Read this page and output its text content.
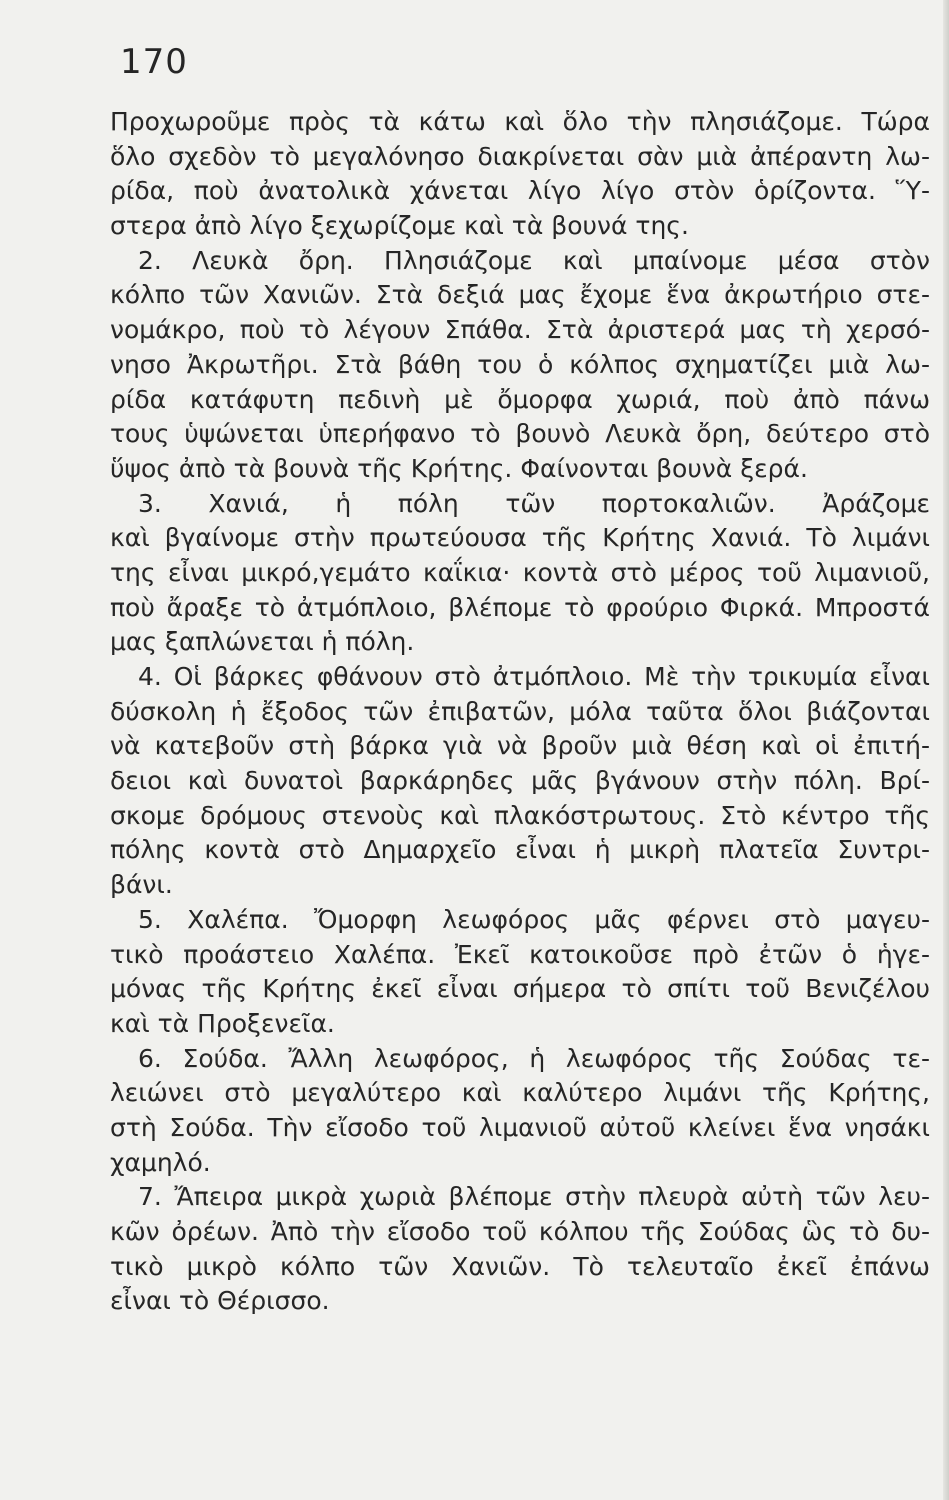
170
Προχωροῦμε πρὸς τὰ κάτω καὶ ὅλο τὴν πλησιάζομε. Τώρα
ὅλο σχεδὸν τὸ μεγαλόνησο διακρίνεται σὰν μιὰ ἀπέραντη λω-
ρίδα, ποὺ ἀνατολικὰ χάνεται λίγο λίγο στὸν ὁρίζοντα. Ὕ-
στερα ἀπὸ λίγο ξεχωρίζομε καὶ τὰ βουνά της.
2. Λευκὰ ὄρη. Πλησιάζομε καὶ μπαίνομε μέσα στὸν
κόλπο τῶν Χανιῶν. Στὰ δεξιά μας ἔχομε ἕνα ἀκρωτήριο στε-
νομάκρο, ποὺ τὸ λέγουν Σπάθα. Στὰ ἀριστερά μας τὴ χερσό-
νησο Ἀκρωτῆρι. Στὰ βάθη του ὁ κόλπος σχηματίζει μιὰ λω-
ρίδα κατάφυτη πεδινὴ μὲ ὄμορφα χωριά, ποὺ ἀπὸ πάνω
τους ὑψώνεται ὑπερήφανο τὸ βουνὸ Λευκὰ ὄρη, δεύτερο στὸ
ὕψος ἀπὸ τὰ βουνὰ τῆς Κρήτης. Φαίνονται βουνὰ ξερά.
3. Χανιά, ἡ πόλη τῶν πορτοκαλιῶν. Ἀράζομε
καὶ βγαίνομε στὴν πρωτεύουσα τῆς Κρήτης Χανιά. Τὸ λιμάνι
της εἶναι μικρό,γεμάτο καΐκια· κοντὰ στὸ μέρος τοῦ λιμανιοῦ,
ποὺ ἄραξε τὸ ἀτμόπλοιο, βλέπομε τὸ φρούριο Φιρκά. Μπροστά
μας ξαπλώνεται ἡ πόλη.
4. Οἱ βάρκες φθάνουν στὸ ἀτμόπλοιο. Μὲ τὴν τρικυμία εἶναι
δύσκολη ἡ ἔξοδος τῶν ἐπιβατῶν, μόλα ταῦτα ὅλοι βιάζονται
νὰ κατεβοῦν στὴ βάρκα γιὰ νὰ βροῦν μιὰ θέση καὶ οἱ ἐπιτή-
δειοι καὶ δυνατοὶ βαρκάρηδες μᾶς βγάνουν στὴν πόλη. Βρί-
σκομε δρόμους στενοὺς καὶ πλακόστρωτους. Στὸ κέντρο τῆς
πόλης κοντὰ στὸ Δημαρχεῖο εἶναι ἡ μικρὴ πλατεῖα Συντρι-
βάνι.
5. Χαλέπα. Ὄμορφη λεωφόρος μᾶς φέρνει στὸ μαγευ-
τικὸ προάστειο Χαλέπα. Ἐκεῖ κατοικοῦσε πρὸ ἐτῶν ὁ ἡγε-
μόνας τῆς Κρήτης ἐκεῖ εἶναι σήμερα τὸ σπίτι τοῦ Βενιζέλου
καὶ τὰ Προξενεῖα.
6. Σούδα. Ἄλλη λεωφόρος, ἡ λεωφόρος τῆς Σούδας τε-
λειώνει στὸ μεγαλύτερο καὶ καλύτερο λιμάνι τῆς Κρήτης,
στὴ Σούδα. Τὴν εἴσοδο τοῦ λιμανιοῦ αὐτοῦ κλείνει ἕνα νησάκι
χαμηλό.
7. Ἄπειρα μικρὰ χωριὰ βλέπομε στὴν πλευρὰ αὐτὴ τῶν λευ-
κῶν ὀρέων. Ἀπὸ τὴν εἴσοδο τοῦ κόλπου τῆς Σούδας ὣς τὸ δυ-
τικὸ μικρὸ κόλπο τῶν Χανιῶν. Τὸ τελευταῖο ἐκεῖ ἐπάνω
εἶναι τὸ Θέρισσο.
